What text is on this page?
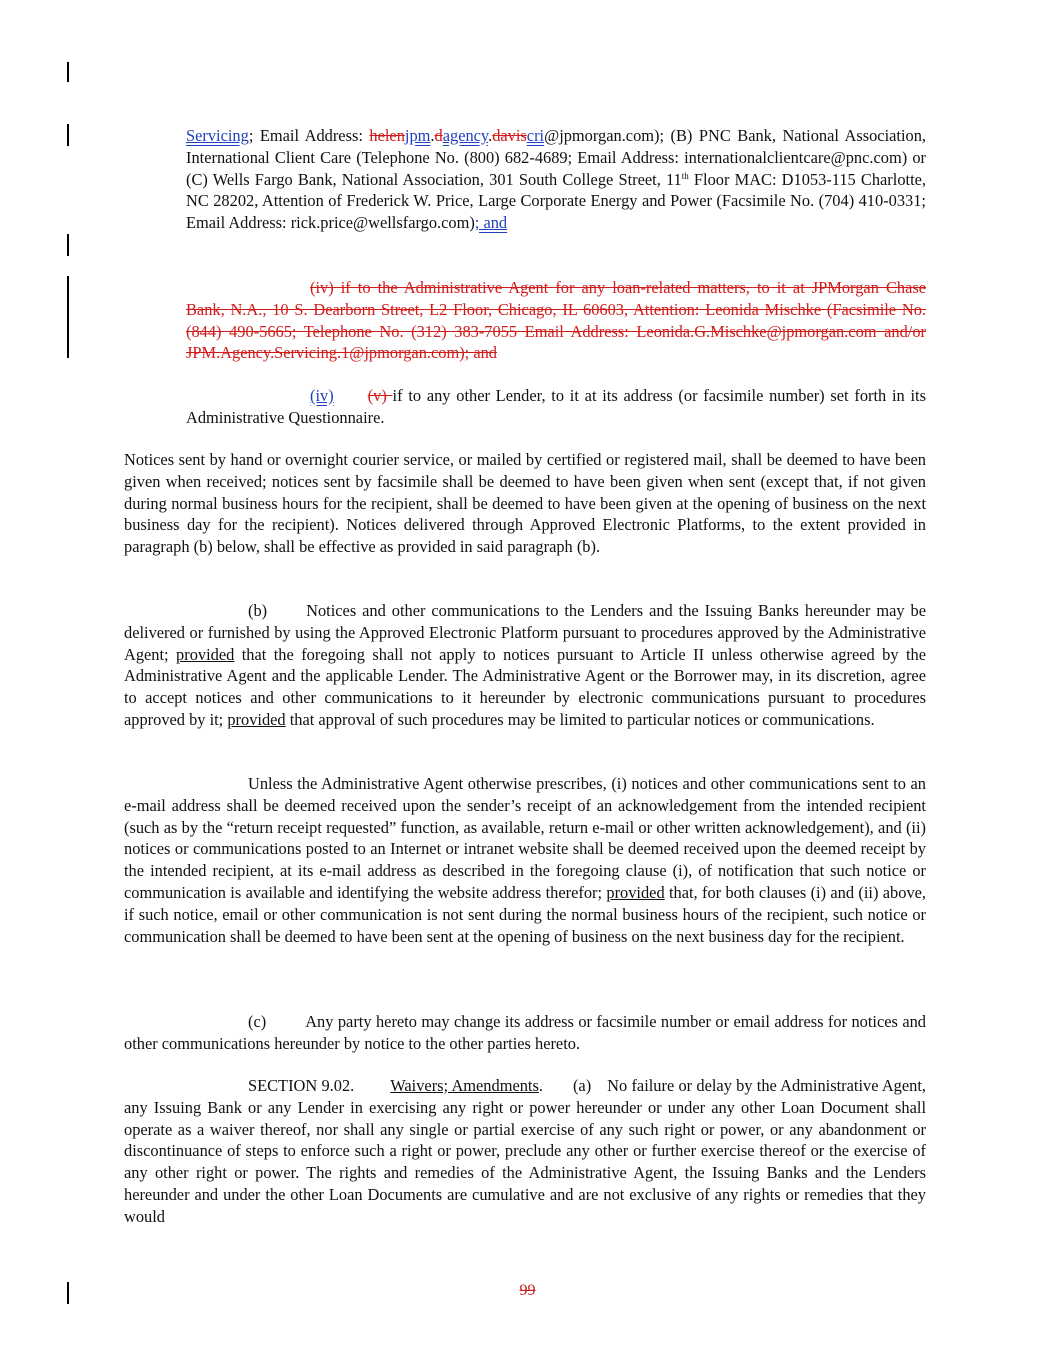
Servicing; Email Address: helenjpm.dagency.daviscri@jpmorgan.com); (B) PNC Bank, National Association, International Client Care (Telephone No. (800) 682-4689; Email Address: internationalclientcare@pnc.com) or (C) Wells Fargo Bank, National Association, 301 South College Street, 11th Floor MAC: D1053-115 Charlotte, NC 28202, Attention of Frederick W. Price, Large Corporate Energy and Power (Facsimile No. (704) 410-0331; Email Address: rick.price@wellsfargo.com); and

(iv) if to the Administrative Agent for any loan-related matters, to it at JPMorgan Chase Bank, N.A., 10 S. Dearborn Street, L2 Floor, Chicago, IL 60603, Attention: Leonida Mischke (Facsimile No. (844) 490-5665; Telephone No. (312) 383-7055 Email Address: Leonida.G.Mischke@jpmorgan.com and/or JPM.Agency.Servicing.1@jpmorgan.com); and

(iv) (v) if to any other Lender, to it at its address (or facsimile number) set forth in its Administrative Questionnaire.

Notices sent by hand or overnight courier service, or mailed by certified or registered mail, shall be deemed to have been given when received; notices sent by facsimile shall be deemed to have been given when sent (except that, if not given during normal business hours for the recipient, shall be deemed to have been given at the opening of business on the next business day for the recipient). Notices delivered through Approved Electronic Platforms, to the extent provided in paragraph (b) below, shall be effective as provided in said paragraph (b).

(b) Notices and other communications to the Lenders and the Issuing Banks hereunder may be delivered or furnished by using the Approved Electronic Platform pursuant to procedures approved by the Administrative Agent; provided that the foregoing shall not apply to notices pursuant to Article II unless otherwise agreed by the Administrative Agent and the applicable Lender. The Administrative Agent or the Borrower may, in its discretion, agree to accept notices and other communications to it hereunder by electronic communications pursuant to procedures approved by it; provided that approval of such procedures may be limited to particular notices or communications.

Unless the Administrative Agent otherwise prescribes, (i) notices and other communications sent to an e-mail address shall be deemed received upon the sender’s receipt of an acknowledgement from the intended recipient (such as by the “return receipt requested” function, as available, return e-mail or other written acknowledgement), and (ii) notices or communications posted to an Internet or intranet website shall be deemed received upon the deemed receipt by the intended recipient, at its e-mail address as described in the foregoing clause (i), of notification that such notice or communication is available and identifying the website address therefor; provided that, for both clauses (i) and (ii) above, if such notice, email or other communication is not sent during the normal business hours of the recipient, such notice or communication shall be deemed to have been sent at the opening of business on the next business day for the recipient.

(c) Any party hereto may change its address or facsimile number or email address for notices and other communications hereunder by notice to the other parties hereto.

SECTION 9.02. Waivers; Amendments. (a) No failure or delay by the Administrative Agent, any Issuing Bank or any Lender in exercising any right or power hereunder or under any other Loan Document shall operate as a waiver thereof, nor shall any single or partial exercise of any such right or power, or any abandonment or discontinuance of steps to enforce such a right or power, preclude any other or further exercise thereof or the exercise of any other right or power. The rights and remedies of the Administrative Agent, the Issuing Banks and the Lenders hereunder and under the other Loan Documents are cumulative and are not exclusive of any rights or remedies that they would

99
